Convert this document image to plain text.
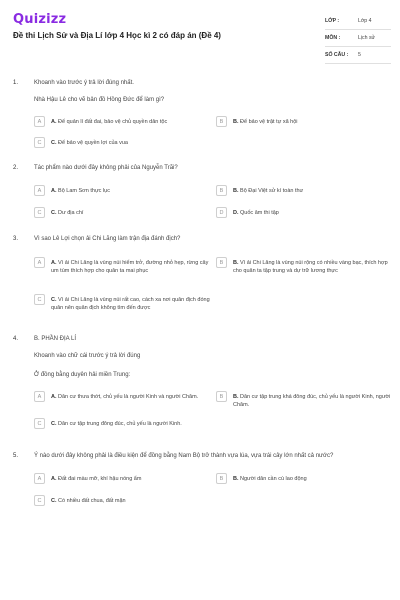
Quizizz
Đề thi Lịch Sử và Địa Lí lớp 4 Học kì 2 có đáp án (Đề 4)
LỚP :	Lớp 4
MÔN :	Lịch sử
SỐ CÂU :	5
1.	Khoanh vào trước ý trả lời đúng nhất.
Nhà Hậu Lê cho vẽ bản đồ Hồng Đức để làm gì?
A	A. Để quản lí đất đai, bảo vệ chủ quyền dân tộc	B	B. Để bảo vệ trật tự xã hội
C	C. Để bảo vệ quyền lợi của vua
2.	Tác phẩm nào dưới đây không phải của Nguyễn Trãi?
A	A. Bộ Lam Sơn thực lục	B	B. Bộ Đại Việt sử kí toàn thư
C	C. Dư địa chí	D	D. Quốc âm thi tập
3.	Vì sao Lê Lợi chọn ải Chi Lăng làm trận địa đánh địch?
A	A. Vì ải Chi Lăng là vùng núi hiểm trở, đường nhỏ hẹp, rừng cây um tùm thích hợp cho quân ta mai phục
B	B. Vì ải Chi Lăng là vùng núi rộng có nhiều vàng bạc, thích hợp cho quân ta tập trung và dự trữ lương thực
C	C. Vì ải Chi Lăng là vùng núi rất cao, cách xa nơi quân địch đóng quân nên quân địch không tìm đến được
4.	B. PHẦN ĐỊA LÍ
Khoanh vào chữ cái trước ý trả lời đúng
Ở đồng bằng duyên hải miền Trung:
A	A. Dân cư thưa thớt, chủ yếu là người Kinh và người Chăm.	B	B. Dân cư tập trung khá đông đúc, chủ yếu là người Kinh, người Chăm.
C	C. Dân cư tập trung đông đúc, chủ yếu là người Kinh.
5.	Ý nào dưới đây không phải là điều kiện để đồng bằng Nam Bộ trở thành vựa lúa, vựa trái cây lớn nhất cả nước?
A	A. Đất đai màu mỡ, khí hậu nóng ẩm	B	B. Người dân cần cù lao động
C	C. Có nhiều đất chua, đất mặn
